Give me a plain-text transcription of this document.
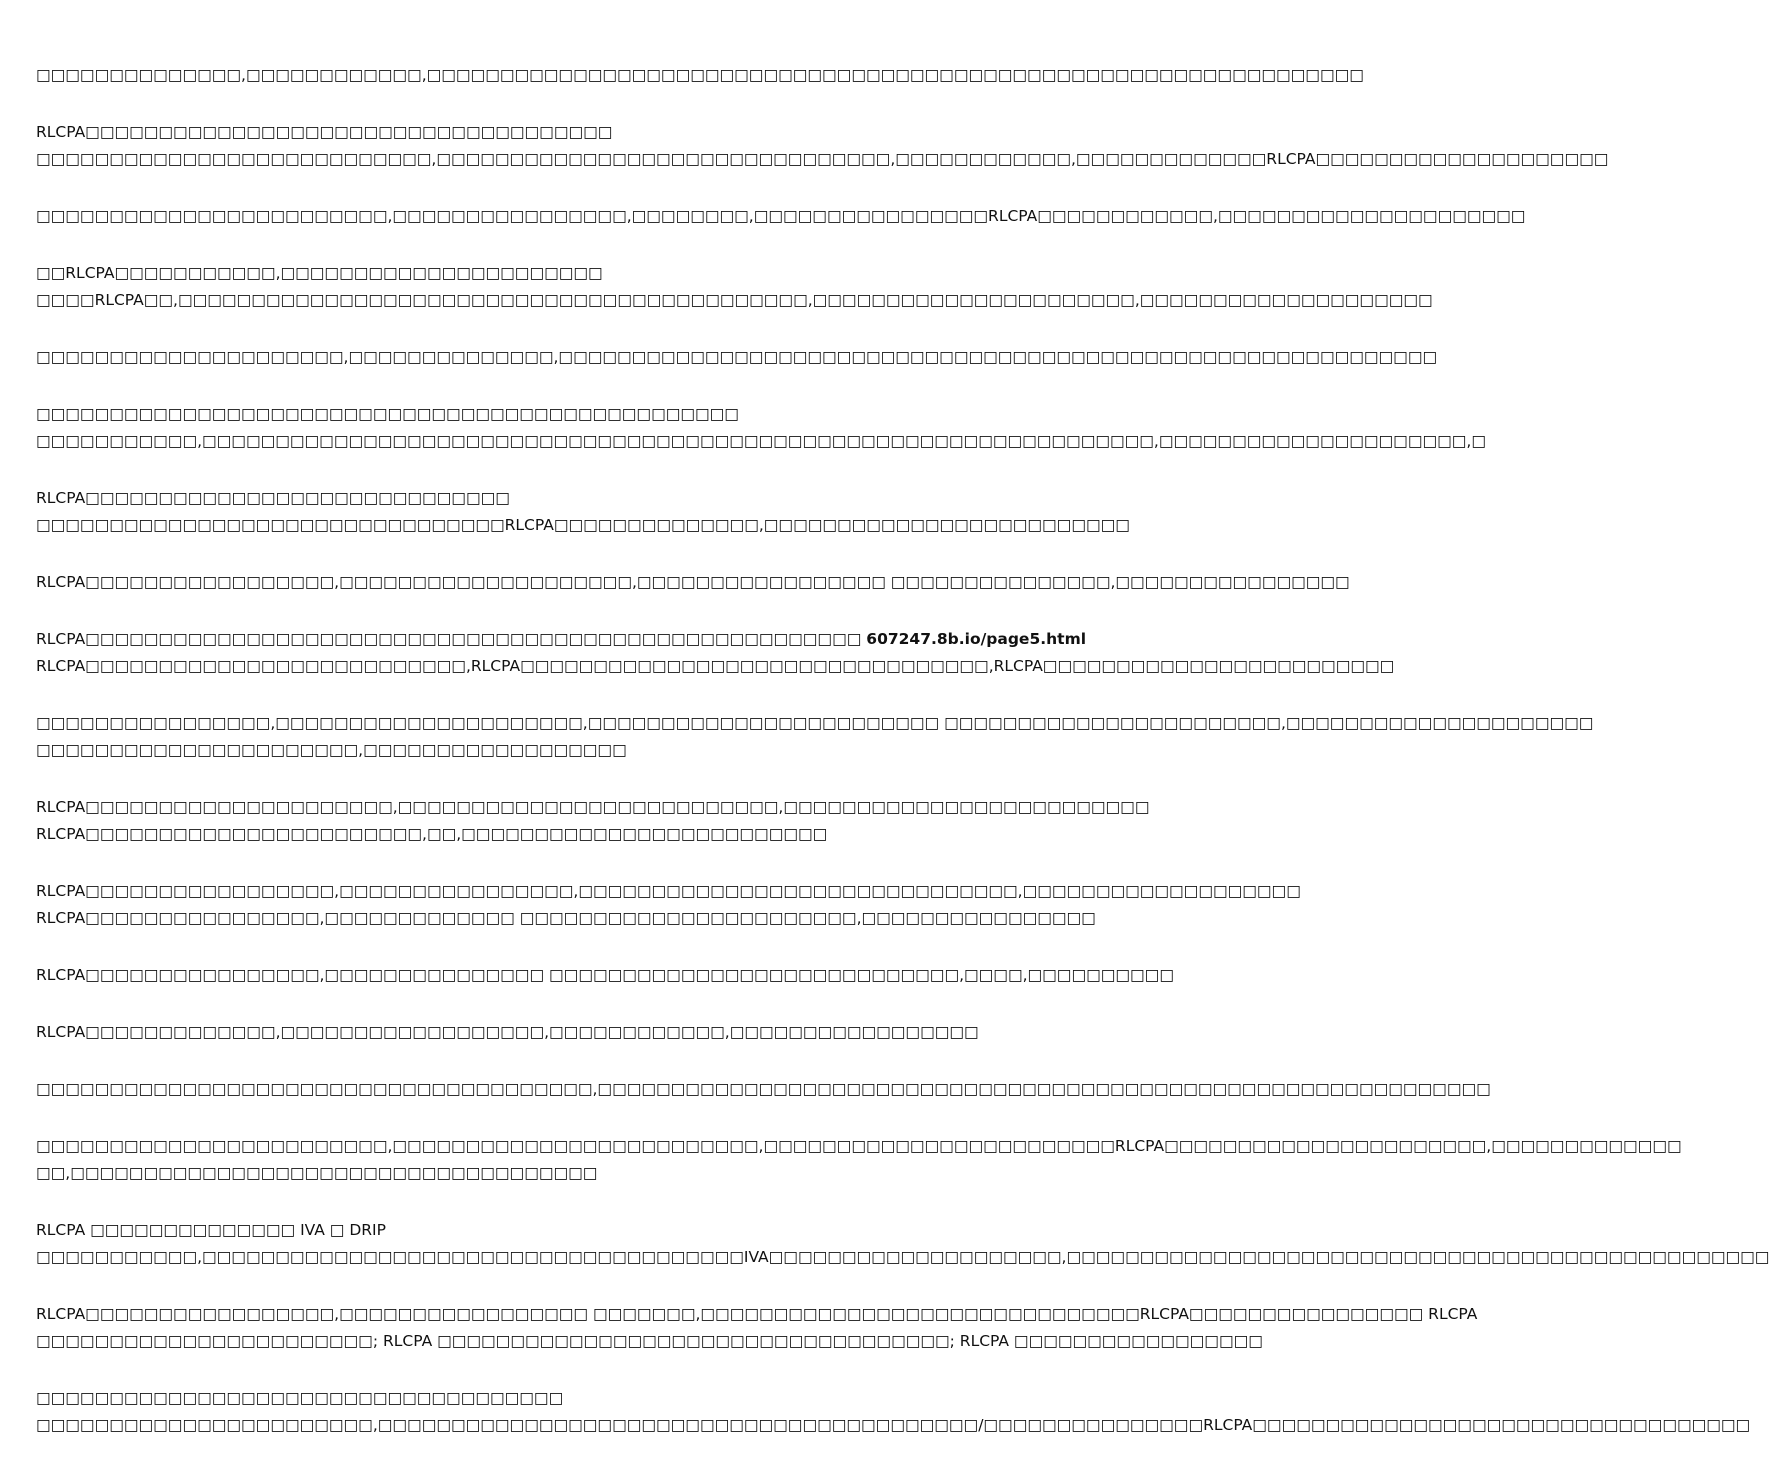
□□□□□□□□□□□□□□,□□□□□□□□□□□□,□□□□□□□□□□□□□□□□□□□□□□□□□□□□□□□□□□□□□□□□□□□□□□□□□□□□□□□□□□□□□□□□

RLCPA□□□□□□□□□□□□□□□□□□□□□□□□□□□□□□□□□□□□
□□□□□□□□□□□□□□□□□□□□□□□□□□□,□□□□□□□□□□□□□□□□□□□□□□□□□□□□□□□,□□□□□□□□□□□□,□□□□□□□□□□□□□RLCPA□□□□□□□□□□□□□□□□□□□□

□□□□□□□□□□□□□□□□□□□□□□□□,□□□□□□□□□□□□□□□□,□□□□□□□□,□□□□□□□□□□□□□□□□RLCPA□□□□□□□□□□□□,□□□□□□□□□□□□□□□□□□□□□

□□RLCPA□□□□□□□□□□□,□□□□□□□□□□□□□□□□□□□□□□
□□□□RLCPA□□,□□□□□□□□□□□□□□□□□□□□□□□□□□□□□□□□□□□□□□□□□□□,□□□□□□□□□□□□□□□□□□□□□□,□□□□□□□□□□□□□□□□□□□□

□□□□□□□□□□□□□□□□□□□□□,□□□□□□□□□□□□□□,□□□□□□□□□□□□□□□□□□□□□□□□□□□□□□□□□□□□□□□□□□□□□□□□□□□□□□□□□□□□

□□□□□□□□□□□□□□□□□□□□□□□□□□□□□□□□□□□□□□□□□□□□□□□□
□□□□□□□□□□□,□□□□□□□□□□□□□□□□□□□□□□□□□□□□□□□□□□□□□□□□□□□□□□□□□□□□□□□□□□□□□□□□□,□□□□□□□□□□□□□□□□□□□□□,□

RLCPA□□□□□□□□□□□□□□□□□□□□□□□□□□□□□
□□□□□□□□□□□□□□□□□□□□□□□□□□□□□□□□RLCPA□□□□□□□□□□□□□□,□□□□□□□□□□□□□□□□□□□□□□□□□

RLCPA□□□□□□□□□□□□□□□□□,□□□□□□□□□□□□□□□□□□□□,□□□□□□□□□□□□□□□□□ □□□□□□□□□□□□□□□,□□□□□□□□□□□□□□□□

RLCPA□□□□□□□□□□□□□□□□□□□□□□□□□□□□□□□□□□□□□□□□□□□□□□□□□□□□□ 607247.8b.io/page5.html
RLCPA□□□□□□□□□□□□□□□□□□□□□□□□□□,RLCPA□□□□□□□□□□□□□□□□□□□□□□□□□□□□□□□□,RLCPA□□□□□□□□□□□□□□□□□□□□□□□□

□□□□□□□□□□□□□□□□,□□□□□□□□□□□□□□□□□□□□□,□□□□□□□□□□□□□□□□□□□□□□□□ □□□□□□□□□□□□□□□□□□□□□□□,□□□□□□□□□□□□□□□□□□□□□
□□□□□□□□□□□□□□□□□□□□□□,□□□□□□□□□□□□□□□□□□

RLCPA□□□□□□□□□□□□□□□□□□□□□,□□□□□□□□□□□□□□□□□□□□□□□□□□,□□□□□□□□□□□□□□□□□□□□□□□□□
RLCPA□□□□□□□□□□□□□□□□□□□□□□□,□□,□□□□□□□□□□□□□□□□□□□□□□□□□

RLCPA□□□□□□□□□□□□□□□□□,□□□□□□□□□□□□□□□□,□□□□□□□□□□□□□□□□□□□□□□□□□□□□□□,□□□□□□□□□□□□□□□□□□□
RLCPA□□□□□□□□□□□□□□□□,□□□□□□□□□□□□□ □□□□□□□□□□□□□□□□□□□□□□□,□□□□□□□□□□□□□□□□

RLCPA□□□□□□□□□□□□□□□□,□□□□□□□□□□□□□□□ □□□□□□□□□□□□□□□□□□□□□□□□□□□□,□□□□,□□□□□□□□□□

RLCPA□□□□□□□□□□□□□,□□□□□□□□□□□□□□□□□□,□□□□□□□□□□□□,□□□□□□□□□□□□□□□□□

□□□□□□□□□□□□□□□□□□□□□□□□□□□□□□□□□□□□□□,□□□□□□□□□□□□□□□□□□□□□□□□□□□□□□□□□□□□□□□□□□□□□□□□□□□□□□□□□□□□□

□□□□□□□□□□□□□□□□□□□□□□□□,□□□□□□□□□□□□□□□□□□□□□□□□□,□□□□□□□□□□□□□□□□□□□□□□□□RLCPA□□□□□□□□□□□□□□□□□□□□□□,□□□□□□□□□□□□□
□□,□□□□□□□□□□□□□□□□□□□□□□□□□□□□□□□□□□□□

RLCPA □□□□□□□□□□□□□□ IVA □ DRIP
□□□□□□□□□□□,□□□□□□□□□□□□□□□□□□□□□□□□□□□□□□□□□□□□□IVA□□□□□□□□□□□□□□□□□□□□,□□□□□□□□□□□□□□□□□□□□□□□□□□□□□□□□□□□□□□□□□□□□□□□□

RLCPA□□□□□□□□□□□□□□□□□,□□□□□□□□□□□□□□□□□ □□□□□□□,□□□□□□□□□□□□□□□□□□□□□□□□□□□□□□RLCPA□□□□□□□□□□□□□□□□ RLCPA
□□□□□□□□□□□□□□□□□□□□□□□; RLCPA □□□□□□□□□□□□□□□□□□□□□□□□□□□□□□□□□□□; RLCPA □□□□□□□□□□□□□□□□□

□□□□□□□□□□□□□□□□□□□□□□□□□□□□□□□□□□□□
□□□□□□□□□□□□□□□□□□□□□□□,□□□□□□□□□□□□□□□□□□□□□□□□□□□□□□□□□□□□□□□□□/□□□□□□□□□□□□□□□RLCPA□□□□□□□□□□□□□□□□□□□□□□□□□□□□□□□□□□
